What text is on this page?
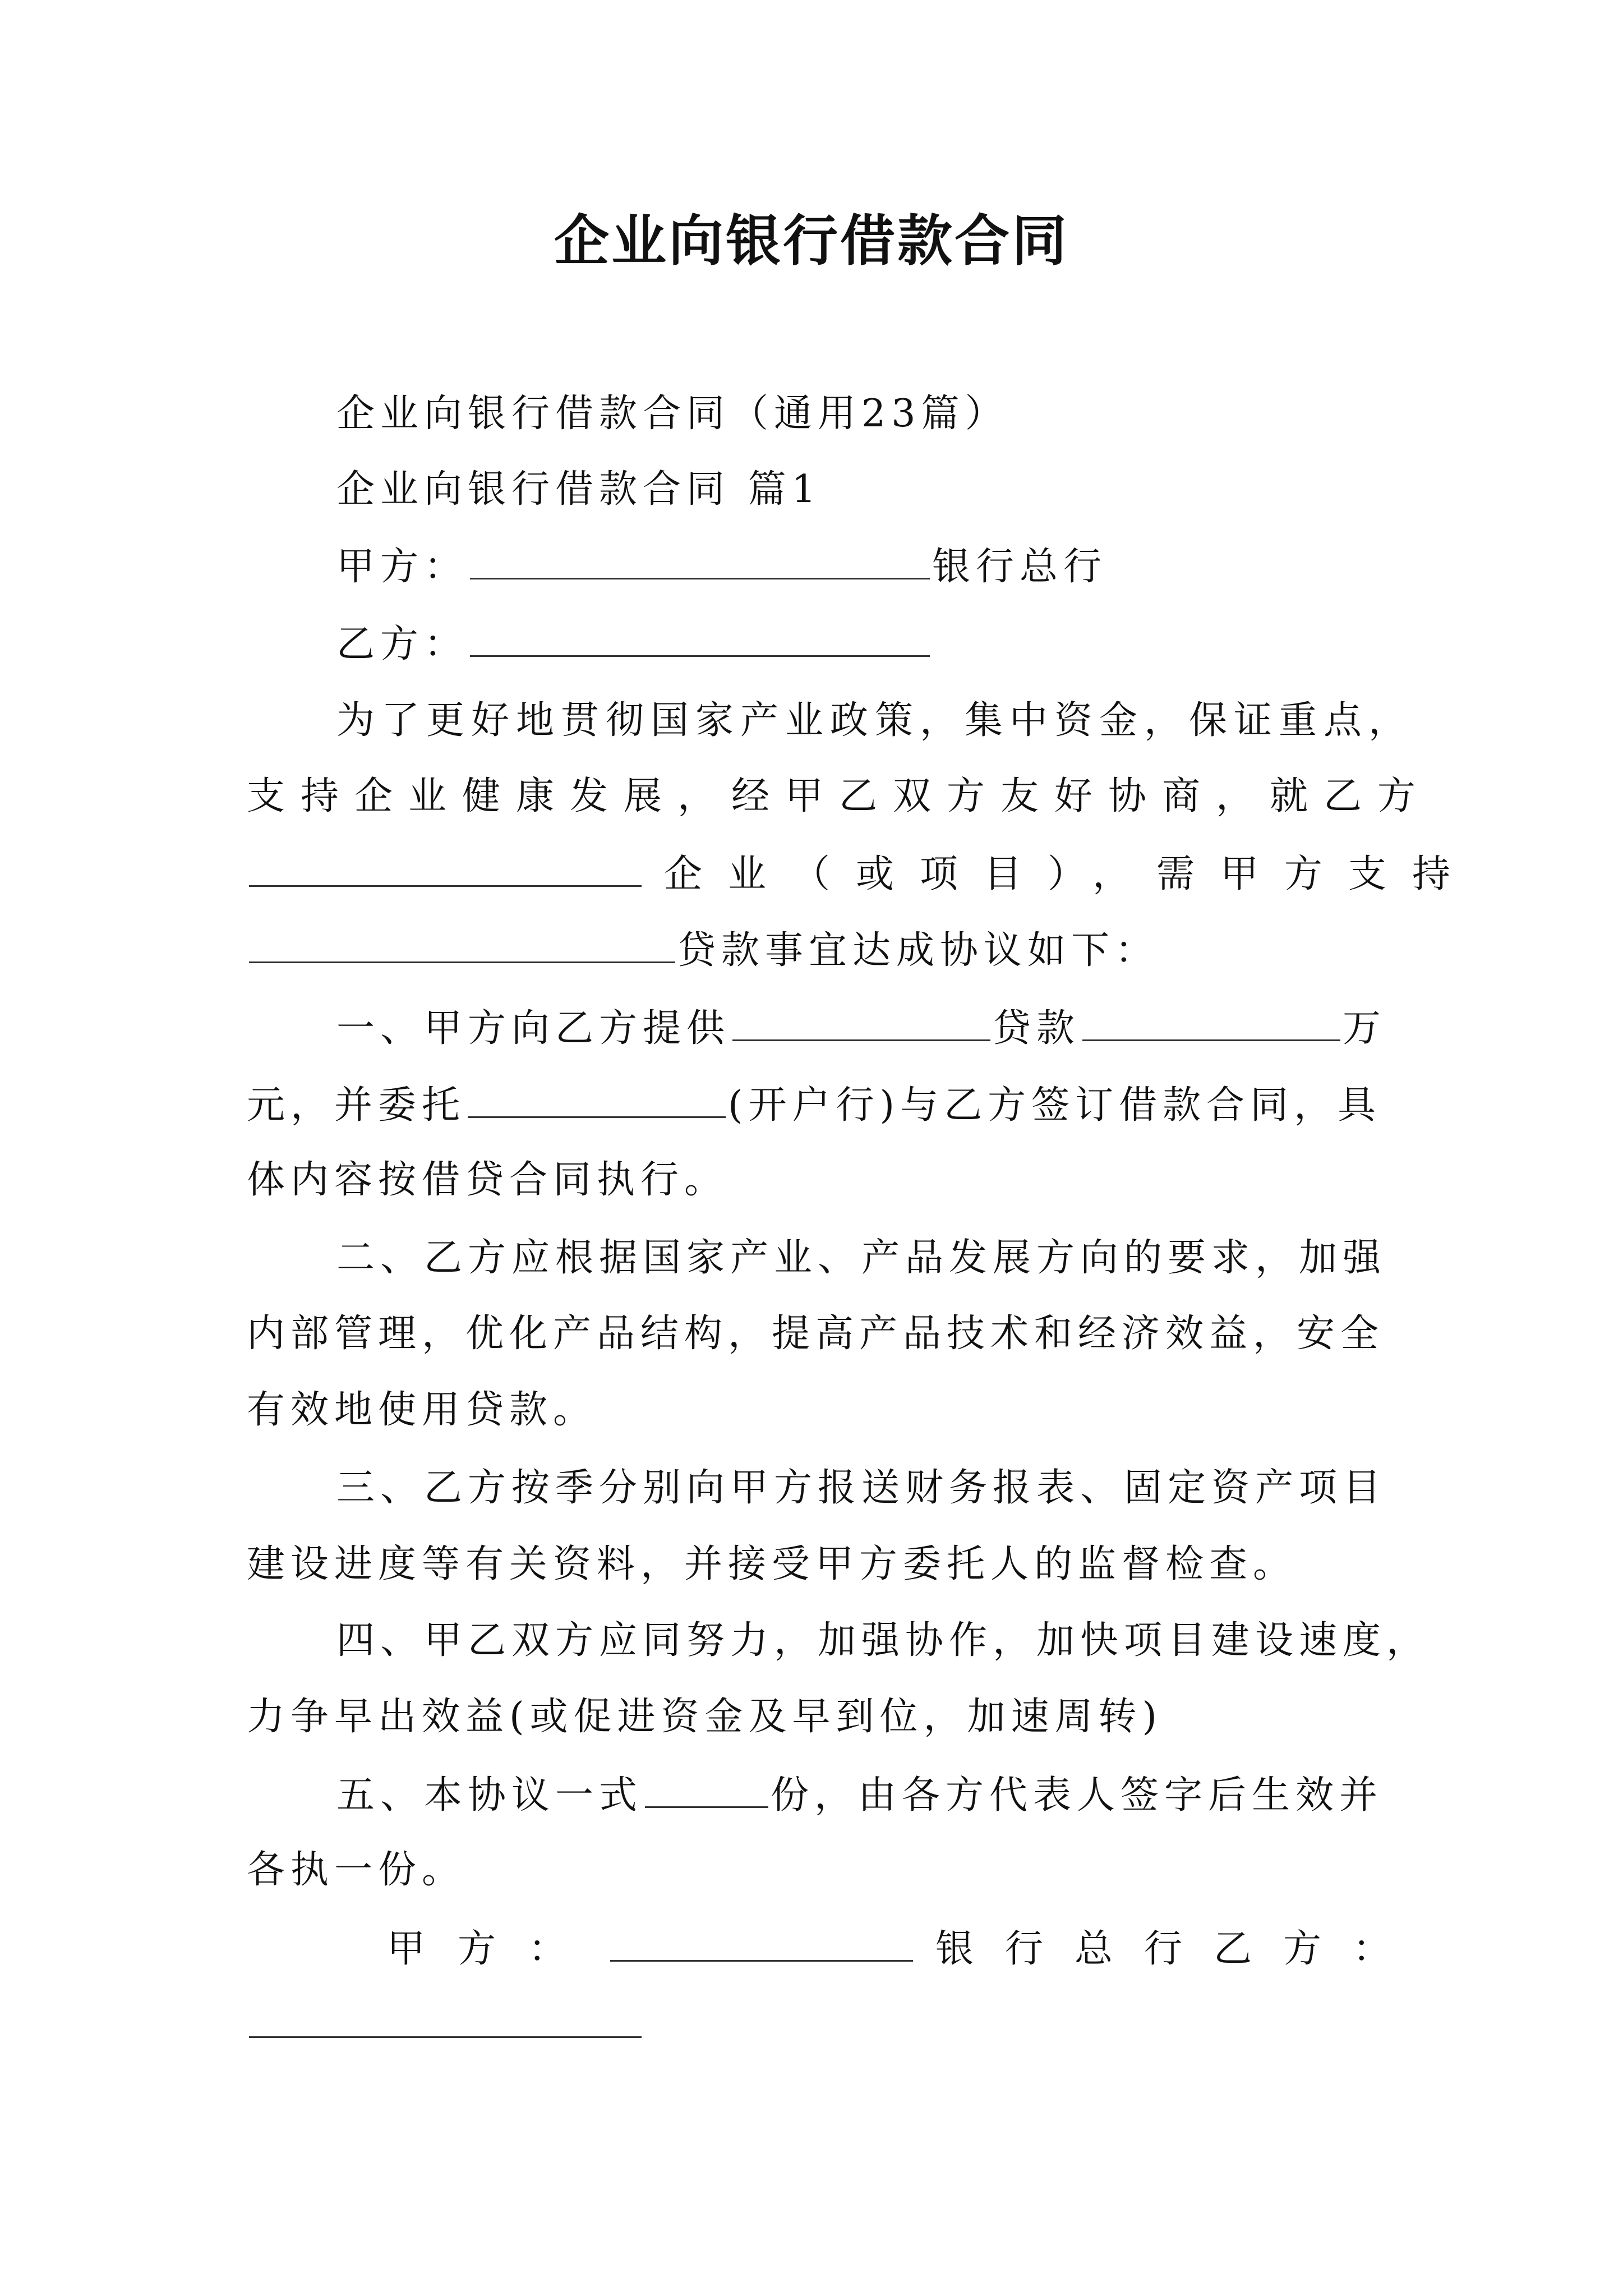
企业向银行借款合同
企业向银行借款合同（通用23篇）
企业向银行借款合同 篇1
甲方：	银行总行
乙方：
为了更好地贯彻国家产业政策，集中资金，保证重点，
支持企业健康发展，经甲乙双方友好协商，就乙方
企业（或项目），需甲方支持
贷款事宜达成协议如下：
一、甲方向乙方提供	贷款	万
元，并委托	(开户行)与乙方签订借款合同，具
体内容按借贷合同执行。
二、乙方应根据国家产业、产品发展方向的要求，加强
内部管理，优化产品结构，提高产品技术和经济效益，安全
有效地使用贷款。
三、乙方按季分别向甲方报送财务报表、固定资产项目
建设进度等有关资料，并接受甲方委托人的监督检查。
四、甲乙双方应同努力，加强协作，加快项目建设速度，
力争早出效益(或促进资金及早到位，加速周转)
五、本协议一式	份，由各方代表人签字后生效并
各执一份。
甲方：	银行总行乙方：
